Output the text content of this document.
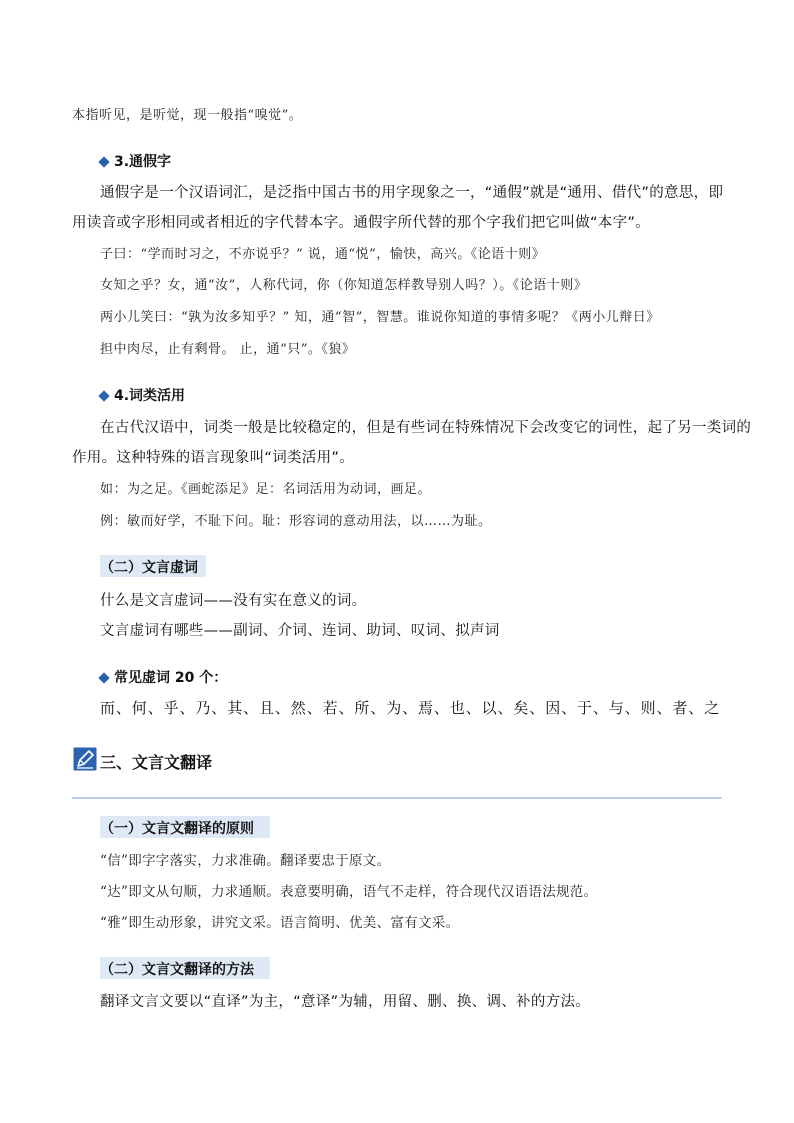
本指听见，是听觉，现一般指“嗅觉”。
3.通假字
通假字是一个汉语词汇，是泛指中国古书的用字现象之一，“通假”就是“通用、借代”的意思，即
用读音或字形相同或者相近的字代替本字。通假字所代替的那个字我们把它叫做“本字”。
子曰：“学而时习之，不亦说乎？” 说，通“悦”，愉快，高兴。《论语十则》
女知之乎？女，通“汝”，人称代词，你（你知道怎样教导别人吗？）。《论语十则》
两小儿笑曰：“孰为汝多知乎？” 知，通“智”，智慧。谁说你知道的事情多呢？《两小儿辩日》
担中肉尽，止有剩骨。 止，通“只”。《狼》
4.词类活用
在古代汉语中，词类一般是比较稳定的，但是有些词在特殊情况下会改变它的词性，起了另一类词的
作用。这种特殊的语言现象叫“词类活用”。
如：为之足。《画蛇添足》足：名词活用为动词，画足。
例：敏而好学，不耻下问。耻：形容词的意动用法，以……为耻。
（二）文言虚词
什么是文言虚词——没有实在意义的词。
文言虚词有哪些——副词、介词、连词、助词、叹词、拟声词
常见虚词 20 个：
而、何、乎、乃、其、且、然、若、所、为、焉、也、以、矣、因、于、与、则、者、之
三、文言文翻译
（一）文言文翻译的原则
“信”即字字落实，力求准确。翻译要忠于原文。
“达”即文从句顺，力求通顺。表意要明确，语气不走样，符合现代汉语语法规范。
“雅”即生动形象，讲究文采。语言简明、优美、富有文采。
（二）文言文翻译的方法
翻译文言文要以“直译”为主，“意译”为辅，用留、删、换、调、补的方法。
